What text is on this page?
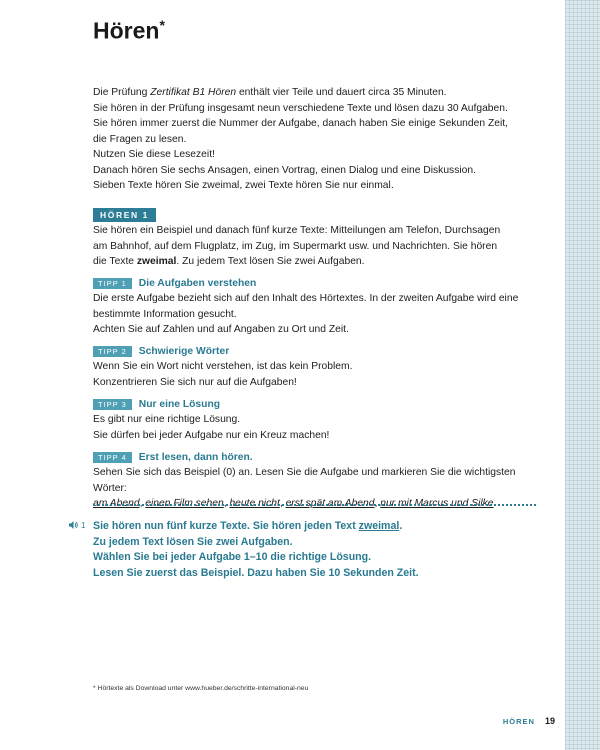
Hören*

Die Prüfung Zertifikat B1 Hören enthält vier Teile und dauert circa 35 Minuten.

Sie hören in der Prüfung insgesamt neun verschiedene Texte und lösen dazu 30 Aufgaben.

Sie hören immer zuerst die Nummer der Aufgabe, danach haben Sie einige Sekunden Zeit,

die Fragen zu lesen.

Nutzen Sie diese Lesezeit!

Danach hören Sie sechs Ansagen, einen Vortrag, einen Dialog und eine Diskussion.

Sieben Texte hören Sie zweimal, zwei Texte hören Sie nur einmal.

HÖREN 1

Sie hören ein Beispiel und danach fünf kurze Texte: Mitteilungen am Telefon, Durchsagen

am Bahnhof, auf dem Flugplatz, im Zug, im Supermarkt usw. und Nachrichten. Sie hören

die Texte zweimal. Zu jedem Text lösen Sie zwei Aufgaben.

TIPP 1	Die Aufgaben verstehen

Die erste Aufgabe bezieht sich auf den Inhalt des Hörtextes. In der zweiten Aufgabe wird eine

bestimmte Information gesucht.

Achten Sie auf Zahlen und auf Angaben zu Ort und Zeit.

TIPP 2	Schwierige Wörter

Wenn Sie ein Wort nicht verstehen, ist das kein Problem.

Konzentrieren Sie sich nur auf die Aufgaben!

TIPP 3	Nur eine Lösung

Es gibt nur eine richtige Lösung.

Sie dürfen bei jeder Aufgabe nur ein Kreuz machen!

TIPP 4	Erst lesen, dann hören.

Sehen Sie sich das Beispiel (0) an. Lesen Sie die Aufgabe und markieren Sie die wichtigsten Wörter:

am Abend, einen Film sehen, heute nicht, erst spät am Abend, nur mit Marcus und Silke.

1 Sie hören nun fünf kurze Texte. Sie hören jeden Text zweimal.

Zu jedem Text lösen Sie zwei Aufgaben.

Wählen Sie bei jeder Aufgabe 1–10 die richtige Lösung.

Lesen Sie zuerst das Beispiel. Dazu haben Sie 10 Sekunden Zeit.

* Hörtexte als Download unter www.hueber.de/schritte-international-neu
HÖREN 19
